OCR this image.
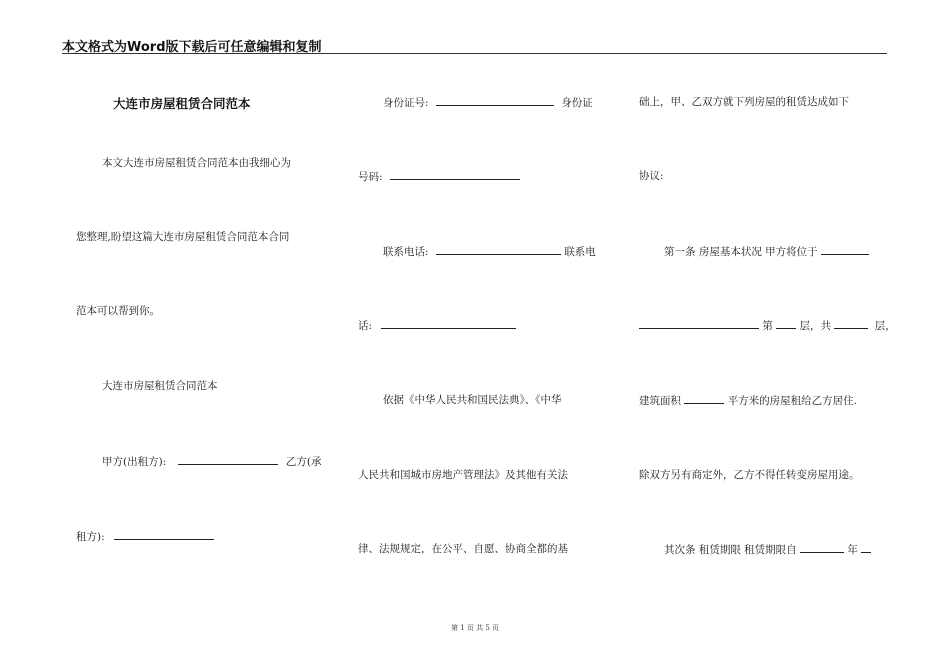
本文格式为Word版下载后可任意编辑和复制
大连市房屋租赁合同范本
本文大连市房屋租赁合同范本由我细心为
您整理,盼望这篇大连市房屋租赁合同范本合同
范本可以帮到你。
大连市房屋租赁合同范本
甲方(出租方):	乙方(承
租方):
身份证号:	身份证
号码:
联系电话:	联系电
话:
依据《中华人民共和国民法典》、《中华
人民共和国城市房地产管理法》及其他有关法
律、法规规定，在公平、自愿、协商全都的基
础上，甲、乙双方就下列房屋的租赁达成如下
协议:
第一条 房屋基本状况 甲方将位于
第	层，共	层，
建筑面积	平方米的房屋租给乙方居住.
除双方另有商定外，乙方不得任转变房屋用途。
其次条 租赁期限 租赁期限自	年
第 1 页 共 5 页
